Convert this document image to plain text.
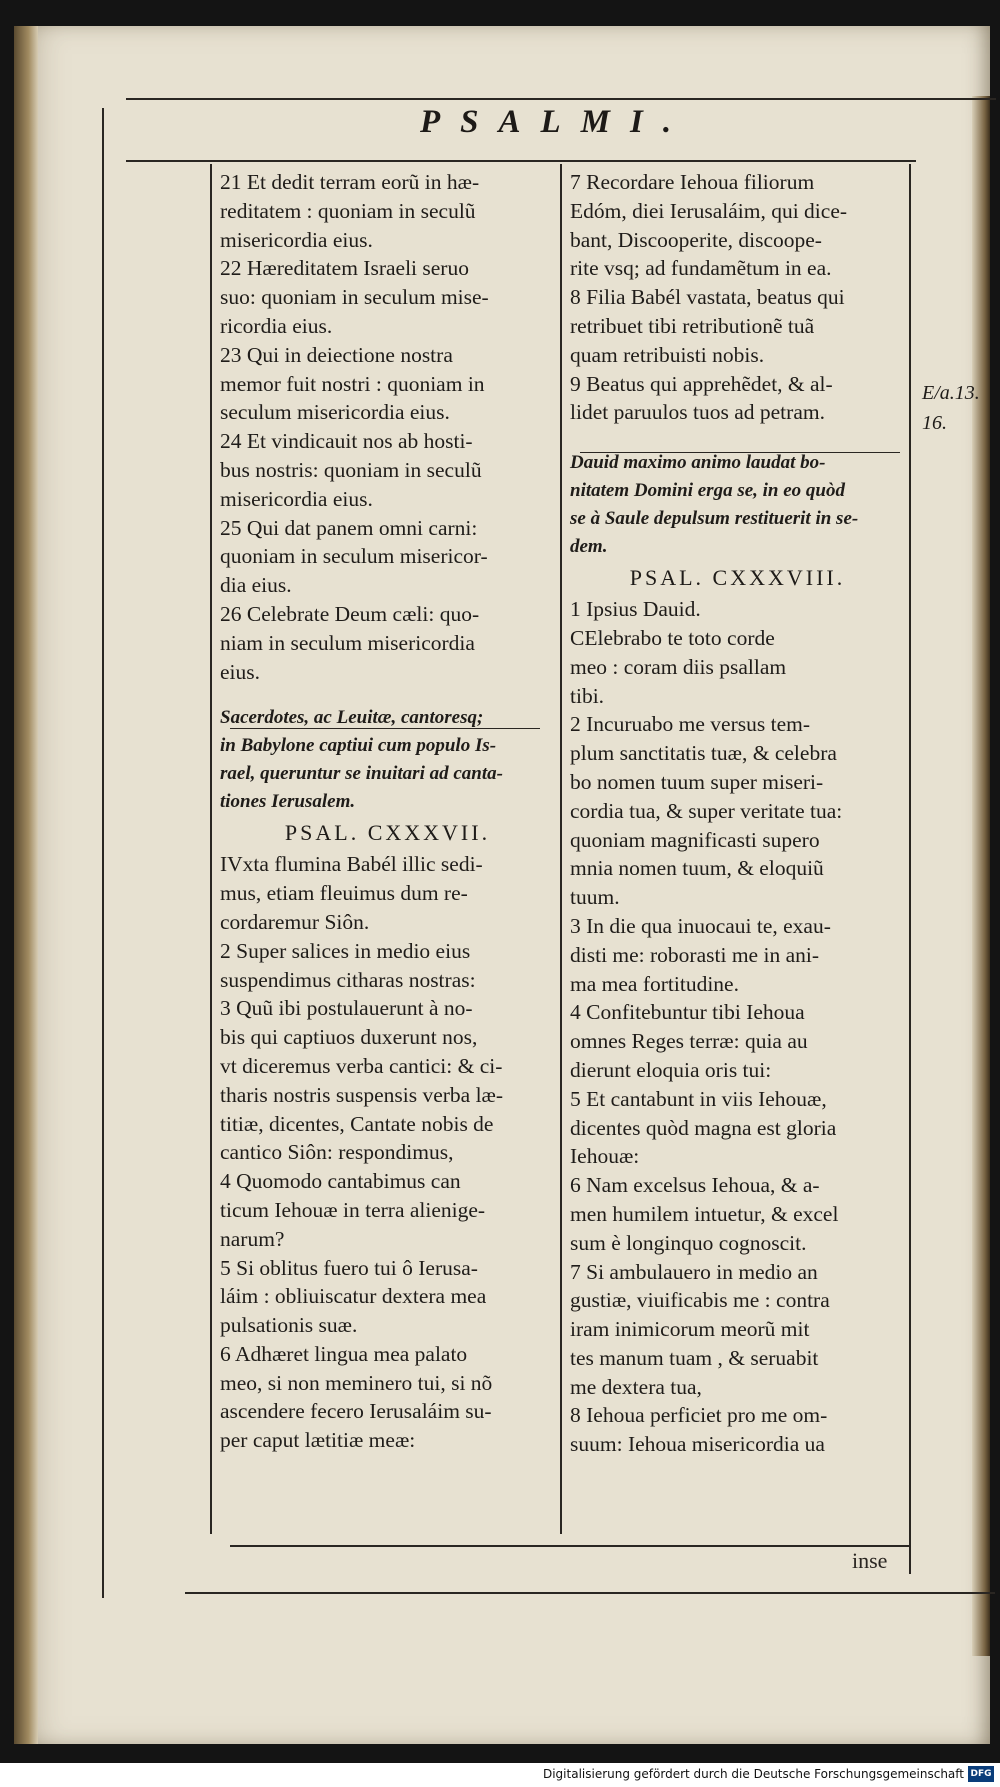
PSALMI.
21 Et dedit terram eorũ in hæ-
reditatem : quoniam in seculũ
misericordia eius.
22 Hæreditatem Israeli seruo
suo: quoniam in seculum mise-
ricordia eius.
23 Qui in deiectione nostra
memor fuit nostri : quoniam in
seculum misericordia eius.
24 Et vindicauit nos ab hosti-
bus nostris: quoniam in seculũ
misericordia eius.
25 Qui dat panem omni carni:
quoniam in seculum misericor-
dia eius.
26 Celebrate Deum cæli: quo-
niam in seculum misericordia
eius.
Sacerdotes, ac Leuitæ, cantoresq;
in Babylone captiui cum populo Is-
rael, queruntur se inuitari ad canta-
tiones Ierusalem.
PSAL. CXXXVII.
IVxta flumina Babél illic sedi-
mus, etiam fleuimus dum re-
cordaremur Siôn.
2 Super salices in medio eius
suspendimus citharas nostras:
3 Quũ ibi postulauerunt à no-
bis qui captiuos duxerunt nos,
vt diceremus verba cantici: & ci-
tharis nostris suspensis verba læ-
titiæ, dicentes, Cantate nobis de
cantico Siôn: respondimus,
4 Quomodo cantabimus can
ticum Iehouæ in terra alienige-
narum?
5 Si oblitus fuero tui ô Ierusa-
láim : obliuiscatur dextera mea
pulsationis suæ.
6 Adhæret lingua mea palato
meo, si non meminero tui, si nõ
ascendere fecero Ierusaláim su-
per caput lætitiæ meæ:
7 Recordare Iehoua filiorum
Edóm, diei Ierusaláim, qui dice-
bant, Discooperite, discoope-
rite vsq; ad fundamẽtum in ea.
8 Filia Babél vastata, beatus qui
retribuet tibi retributionẽ tuã
quam retribuisti nobis.
9 Beatus qui apprehẽdet, & al-
lidet paruulos tuos ad petram.
Dauid maximo animo laudat bo-
nitatem Domini erga se, in eo quòd
se à Saule depulsum restituerit in se-
dem.
PSAL. CXXXVIII.
1 Ipsius Dauid.
CElebrabo te toto corde
meo : coram diis psallam
tibi.
2 Incuruabo me versus tem-
plum sanctitatis tuæ, & celebra
bo nomen tuum super miseri-
cordia tua, & super veritate tua:
quoniam magnificasti supero
mnia nomen tuum, & eloquiũ
tuum.
3 In die qua inuocaui te, exau-
disti me: roborasti me in ani-
ma mea fortitudine.
4 Confitebuntur tibi Iehoua
omnes Reges terræ: quia au
dierunt eloquia oris tui:
5 Et cantabunt in viis Iehouæ,
dicentes quòd magna est gloria
Iehouæ:
6 Nam excelsus Iehoua, & a-
men humilem intuetur, & excel
sum è longinquo cognoscit.
7 Si ambulauero in medio an
gustiæ, viuificabis me : contra
iram inimicorum meorũ mit
tes manum tuam , & seruabit
me dextera tua,
8 Iehoua perficiet pro me om-
suum: Iehoua misericordia ua
E/a.13.
16.
inse
Digitalisierung gefördert durch die Deutsche Forschungsgemeinschaft DFG
